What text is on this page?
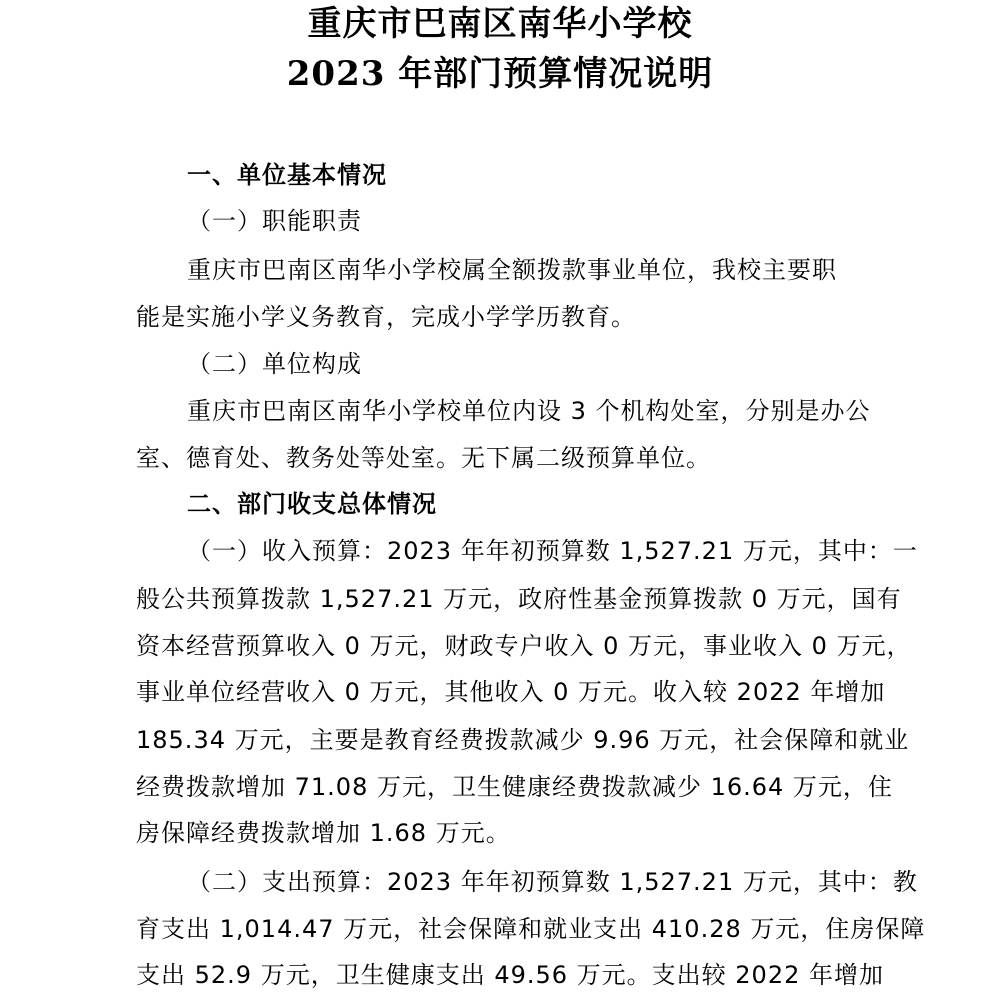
重庆市巴南区南华小学校
2023 年部门预算情况说明
一、单位基本情况
（一）职能职责
重庆市巴南区南华小学校属全额拨款事业单位，我校主要职
能是实施小学义务教育，完成小学学历教育。
（二）单位构成
重庆市巴南区南华小学校单位内设 3 个机构处室，分别是办公
室、德育处、教务处等处室。无下属二级预算单位。
二、部门收支总体情况
（一）收入预算：2023 年年初预算数 1,527.21 万元，其中：一
般公共预算拨款 1,527.21 万元，政府性基金预算拨款 0 万元，国有
资本经营预算收入 0 万元，财政专户收入 0 万元，事业收入 0 万元，
事业单位经营收入 0 万元，其他收入 0 万元。收入较 2022 年增加
185.34 万元，主要是教育经费拨款减少 9.96 万元，社会保障和就业
经费拨款增加 71.08 万元，卫生健康经费拨款减少 16.64 万元，住
房保障经费拨款增加 1.68 万元。
（二）支出预算：2023 年年初预算数 1,527.21 万元，其中：教
育支出 1,014.47 万元，社会保障和就业支出 410.28 万元，住房保障
支出 52.9 万元，卫生健康支出 49.56 万元。支出较 2022 年增加
